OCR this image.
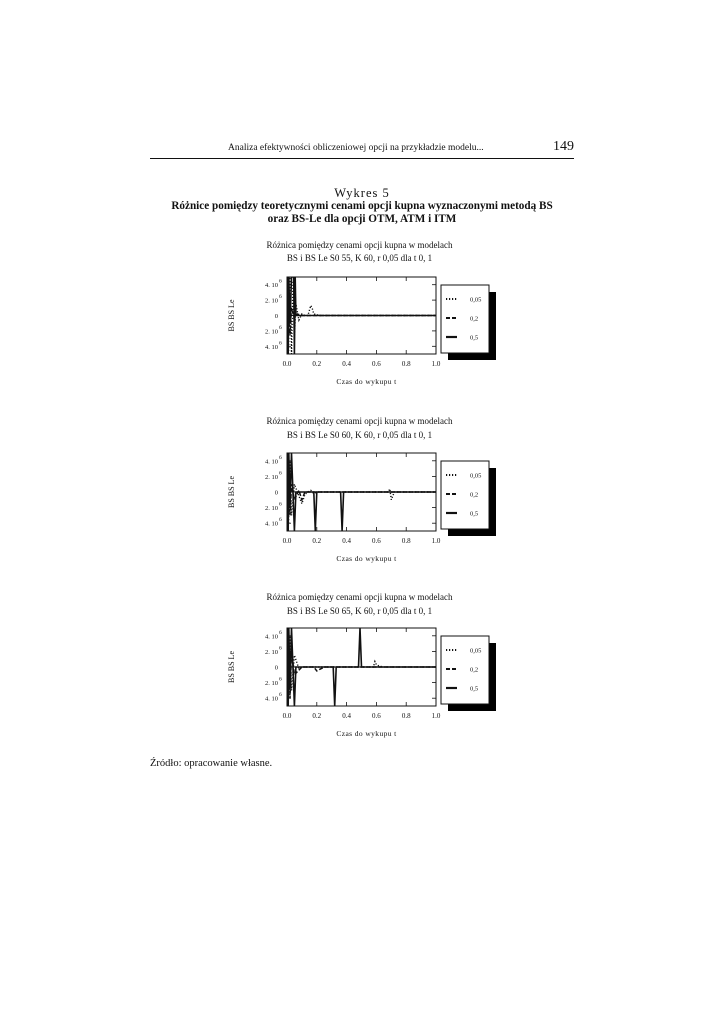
Analiza efektywności obliczeniowej opcji na przykładzie modelu...	149
Wykres 5
Różnice pomiędzy teoretycznymi cenami opcji kupna wyznaczonymi metodą BS
oraz BS-Le dla opcji OTM, ATM i ITM
Różnica pomiędzy cenami opcji kupna w modelach
BS i BS Le S0 55, K 60, r 0,05 dla t 0, 1
0.0	0.2	0.4	0.6	0.8	1.0
4. 10
6
2. 10
6
0
2. 10
6
4. 10
6
Czas do wykupu t
BS BS Le	0,05
0,2
0,5
Różnica pomiędzy cenami opcji kupna w modelach
BS i BS Le S0 60, K 60, r 0,05 dla t 0, 1
0.0	0.2	0.4	0.6	0.8	1.0
4. 10
6
2. 10
6
0
2. 10
6
4. 10
6
Czas do wykupu t
BS BS Le	0,05
0,2
0,5
Różnica pomiędzy cenami opcji kupna w modelach
BS i BS Le S0 65, K 60, r 0,05 dla t 0, 1
0.0	0.2	0.4	0.6	0.8	1.0
4. 10
6
2. 10
6
0
2. 10
6
4. 10
6
Czas do wykupu t
BS BS Le	0,05
0,2
0,5
Źródło: opracowanie własne.
